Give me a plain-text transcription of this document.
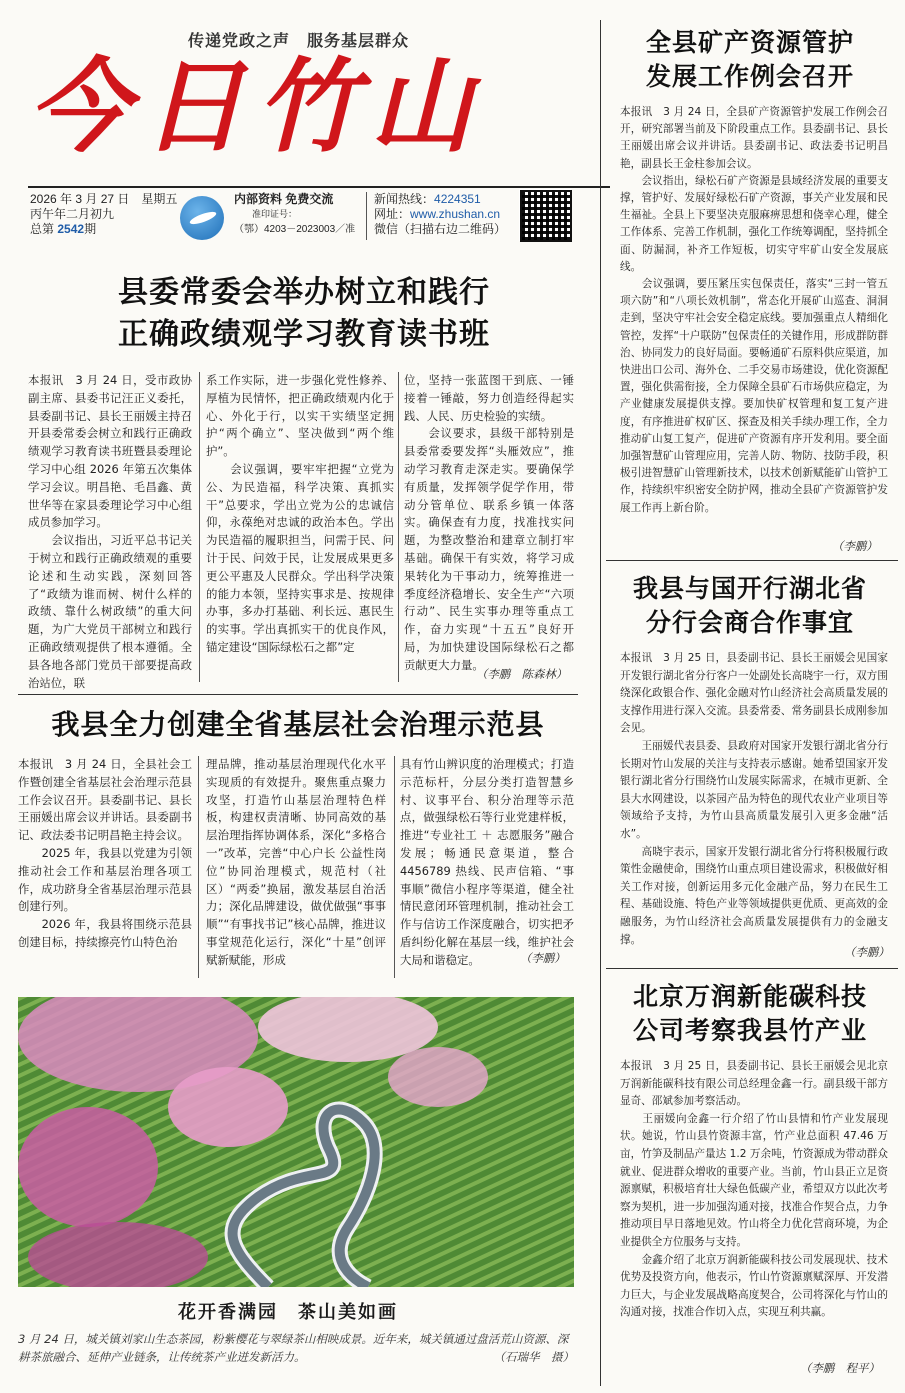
传递党政之声　服务基层群众
今日竹山
2026 年 3 月 27 日　星期五
丙午年二月初九
总第 2542期
内部资料 免费交流
准印证号：
（鄂）4203－2023003／准
新闻热线：4224351
网址：www.zhushan.cn
微信（扫描右边二维码）
县委常委会举办树立和践行
正确政绩观学习教育读书班
本报讯　3 月 24 日，受市政协副主席、县委书记汪正义委托，县委副书记、县长王丽媛主持召开县委常委会树立和践行正确政绩观学习教育读书班暨县委理论学习中心组 2026 年第五次集体学习会议。明昌艳、毛昌鑫、黄世华等在家县委理论学习中心组成员参加学习。
　　会议指出，习近平总书记关于树立和践行正确政绩观的重要论述和生动实践，深刻回答了“政绩为谁而树、树什么样的政绩、靠什么树政绩”的重大问题，为广大党员干部树立和践行正确政绩观提供了根本遵循。全县各地各部门党员干部要提高政治站位，联
系工作实际，进一步强化党性修养、厚植为民情怀，把正确政绩观内化于心、外化于行，以实干实绩坚定拥护“两个确立”、坚决做到“两个维护”。
　　会议强调，要牢牢把握“立党为公、为民造福，科学决策、真抓实干”总要求，学出立党为公的忠诚信仰，永葆绝对忠诚的政治本色。学出为民造福的履职担当，问需于民、问计于民、问效于民，让发展成果更多更公平惠及人民群众。学出科学决策的能力本领，坚持实事求是、按规律办事，多办打基础、利长远、惠民生的实事。学出真抓实干的优良作风，锚定建设“国际绿松石之都”定
位，坚持一张蓝图干到底、一锤接着一锤敲，努力创造经得起实践、人民、历史检验的实绩。
　　会议要求，县级干部特别是县委常委要发挥“头雁效应”，推动学习教育走深走实。要确保学有质量，发挥领学促学作用，带动分管单位、联系乡镇一体落实。确保查有力度，找准找实问题，为整改整治和建章立制打牢基础。确保干有实效，将学习成果转化为干事动力，统筹推进一季度经济稳增长、安全生产“六项行动”、民生实事办理等重点工作，奋力实现“十五五”良好开局，为加快建设国际绿松石之都贡献更大力量。
（李鹏　陈森林）
我县全力创建全省基层社会治理示范县
本报讯　3 月 24 日，全县社会工作暨创建全省基层社会治理示范县工作会议召开。县委副书记、县长王丽媛出席会议并讲话。县委副书记、政法委书记明昌艳主持会议。
　　2025 年，我县以党建为引领推动社会工作和基层治理各项工作，成功跻身全省基层治理示范县创建行列。
　　2026 年，我县将围绕示范县创建目标，持续擦亮竹山特色治
理品牌，推动基层治理现代化水平实现质的有效提升。聚焦重点聚力攻坚，打造竹山基层治理特色样板，构建权责清晰、协同高效的基层治理指挥协调体系，深化“多格合一”改革，完善“中心户长 公益性岗位”协同治理模式，规范村（社区）“两委”换届，激发基层自治活力；深化品牌建设，做优做强“事事顺”“有事找书记”核心品牌，推进议事堂规范化运行，深化“十星”创评赋新赋能，形成
具有竹山辨识度的治理模式；打造示范标杆，分层分类打造智慧乡村、议事平台、积分治理等示范点，做强绿松石等行业党建样板，推进“专业社工 ＋ 志愿服务”融合发展；畅通民意渠道，整合 4456789 热线、民声信箱、“事事顺”微信小程序等渠道，健全社情民意闭环管理机制，推动社会工作与信访工作深度融合，切实把矛盾纠纷化解在基层一线，维护社会大局和谐稳定。	（李鹏）
花开香满园　茶山美如画
3 月 24 日，城关镇刘家山生态茶园，粉紫樱花与翠绿茶山相映成景。近年来，城关镇通过盘活荒山资源、深耕茶旅融合、延伸产业链条，让传统茶产业迸发新活力。	（石瑞华　摄）
全县矿产资源管护
发展工作例会召开
本报讯　3 月 24 日，全县矿产资源管护发展工作例会召开，研究部署当前及下阶段重点工作。县委副书记、县长王丽媛出席会议并讲话。县委副书记、政法委书记明昌艳，副县长王金柱参加会议。
　　会议指出，绿松石矿产资源是县域经济发展的重要支撑，管护好、发展好绿松石矿产资源，事关产业发展和民生福祉。全县上下要坚决克服麻痹思想和侥幸心理，健全工作体系、完善工作机制，强化工作统筹调配，坚持抓全面、防漏洞，补齐工作短板，切实守牢矿山安全发展底线。
　　会议强调，要压紧压实包保责任，落实“三封一管五项六防”和“八项长效机制”，常态化开展矿山巡查、洞洞走到，坚决守牢社会安全稳定底线。要加强重点人精细化管控，发挥“十户联防”包保责任的关键作用，形成群防群治、协同发力的良好局面。要畅通矿石原料供应渠道，加快进出口公司、海外仓、二手交易市场建设，优化资源配置，强化供需衔接，全力保障全县矿石市场供应稳定，为产业健康发展提供支撑。要加快矿权管理和复工复产进度，有序推进矿权矿区、探查及相关手续办理工作，全力推动矿山复工复产，促进矿产资源有序开发利用。要全面加强智慧矿山管理应用，完善人防、物防、技防手段，积极引进智慧矿山管理新技术，以技术创新赋能矿山管护工作，持续织牢织密安全防护网，推动全县矿产资源管护发展工作再上新台阶。
（李鹏）
我县与国开行湖北省
分行会商合作事宜
本报讯　3 月 25 日，县委副书记、县长王丽媛会见国家开发银行湖北省分行客户一处副处长高晓宇一行，双方围绕深化政银合作、强化金融对竹山经济社会高质量发展的支撑作用进行深入交流。县委常委、常务副县长成刚参加会见。
　　王丽媛代表县委、县政府对国家开发银行湖北省分行长期对竹山发展的关注与支持表示感谢。她希望国家开发银行湖北省分行围绕竹山发展实际需求，在城市更新、全县大水网建设，以茶园产品为特色的现代农业产业项目等领域给予支持，为竹山县高质量发展引入更多金融“活水”。
　　高晓宇表示，国家开发银行湖北省分行将积极履行政策性金融使命，围绕竹山重点项目建设需求，积极做好相关工作对接，创新运用多元化金融产品，努力在民生工程、基础设施、特色产业等领域提供更优质、更高效的金融服务，为竹山经济社会高质量发展提供有力的金融支撑。
（李鹏）
北京万润新能碳科技
公司考察我县竹产业
本报讯　3 月 25 日，县委副书记、县长王丽媛会见北京万润新能碳科技有限公司总经理金鑫一行。副县级干部方显奇、邵斌参加考察活动。
　　王丽媛向金鑫一行介绍了竹山县情和竹产业发展现状。她说，竹山县竹资源丰富，竹产业总面积 47.46 万亩，竹笋及制品产量达 1.2 万余吨，竹资源成为带动群众就业、促进群众增收的重要产业。当前，竹山县正立足资源禀赋，积极培育壮大绿色低碳产业，希望双方以此次考察为契机，进一步加强沟通对接，找准合作契合点，力争推动项目早日落地见效。竹山将全力优化营商环境，为企业提供全方位服务与支持。
　　金鑫介绍了北京万润新能碳科技公司发展现状、技术优势及投资方向，他表示，竹山竹资源禀赋深厚、开发潜力巨大，与企业发展战略高度契合，公司将深化与竹山的沟通对接，找准合作切入点，实现互利共赢。
（李鹏　程平）
